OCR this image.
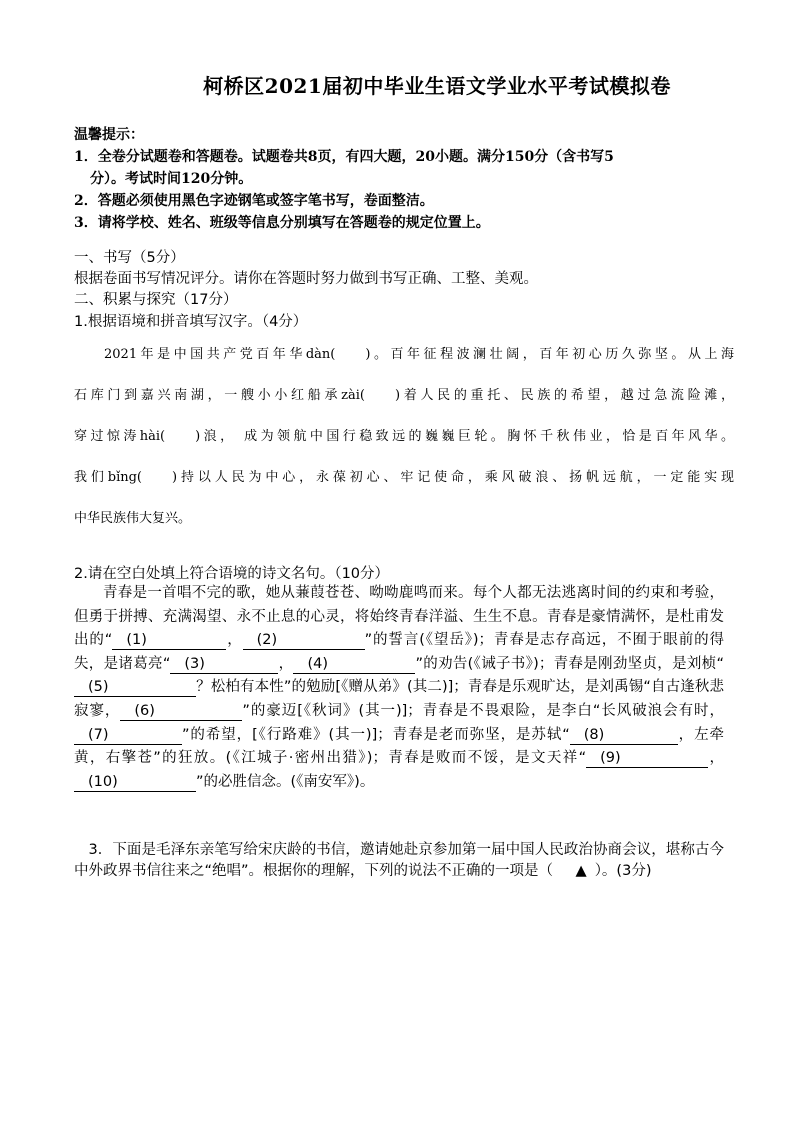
柯桥区2021届初中毕业生语文学业水平考试模拟卷
温馨提示：
1．全卷分试题卷和答题卷。试题卷共8页，有四大题，20小题。满分150分（含书写5
分）。考试时间120分钟。
2．答题必须使用黑色字迹钢笔或签字笔书写，卷面整洁。
3．请将学校、姓名、班级等信息分别填写在答题卷的规定位置上。
一、书写（5分）
根据卷面书写情况评分。请你在答题时努力做到书写正确、工整、美观。
二、积累与探究（17分）
1.根据语境和拼音填写汉字。（4分）
2021年是中国共产党百年华dàn( )。百年征程波澜壮阔，百年初心历久弥坚。从上海
石库门到嘉兴南湖，一艘小小红船承zài( )着人民的重托、民族的希望，越过急流险滩，
穿过惊涛hài( )浪， 成为领航中国行稳致远的巍巍巨轮。胸怀千秋伟业，恰是百年风华。
我们bǐng( )持以人民为中心，永葆初心、牢记使命，乘风破浪、扬帆远航，一定能实现
中华民族伟大复兴。
2.请在空白处填上符合语境的诗文名句。（10分）

青春是一首唱不完的歌，她从蒹葭苍苍、呦呦鹿鸣而来。每个人都无法逃离时间的约束和考验，但勇于拼搏、充满渴望、永不止息的心灵，将始终青春洋溢、生生不息。青春是豪情满怀，是杜甫发出的“ (1)	， (2)	”的誓言(《望岳》)；青春是志存高远，不囿于眼前的得失，是诸葛亮“ (3)	， (4)	”的劝告(《诫子书》)；青春是刚劲坚贞，是刘桢“(5)	？松柏有本性”的勉励[《赠从弟》(其二)]；青春是乐观旷达，是刘禹锡“自古逢秋悲寂寥， (6)	”的豪迈[《秋词》(其一)]；青春是不畏艰险，是李白“长风破浪会有时，(7)	”的希望，[《行路难》(其一)]；青春是老而弥坚，是苏轼“ (8)	，左牵黄，右擎苍”的狂放。(《江城子·密州出猎》)；青春是败而不馁，是文天祥“ (9)	，(10)	”的必胜信念。(《南安军》)。

3．下面是毛泽东亲笔写给宋庆龄的书信，邀请她赴京参加第一届中国人民政治协商会议，堪称古今中外政界书信往来之“绝唱”。根据你的理解，下列的说法不正确的一项是（ ▲ ）。(3分)
